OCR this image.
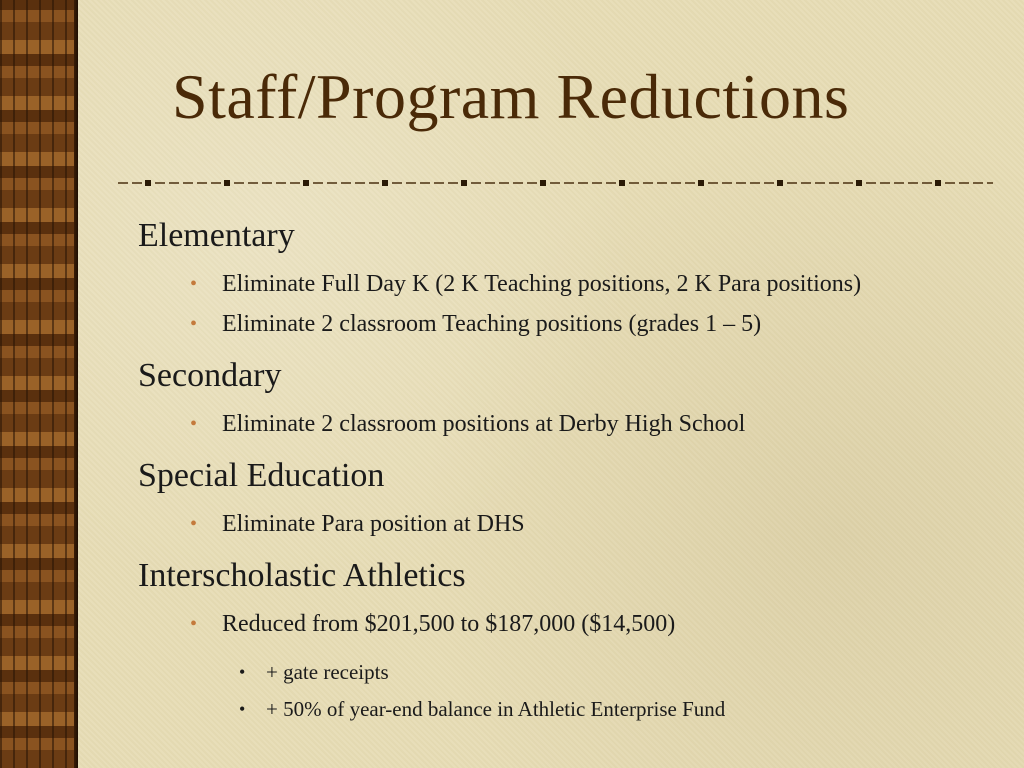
Staff/Program Reductions
Elementary
• Eliminate Full Day K (2 K Teaching positions, 2 K Para positions)
• Eliminate 2 classroom Teaching positions (grades 1 – 5)
Secondary
• Eliminate 2 classroom positions at Derby High School
Special Education
• Eliminate Para position at DHS
Interscholastic Athletics
• Reduced from $201,500 to $187,000 ($14,500)
• + gate receipts
• + 50% of year-end balance in Athletic Enterprise Fund
